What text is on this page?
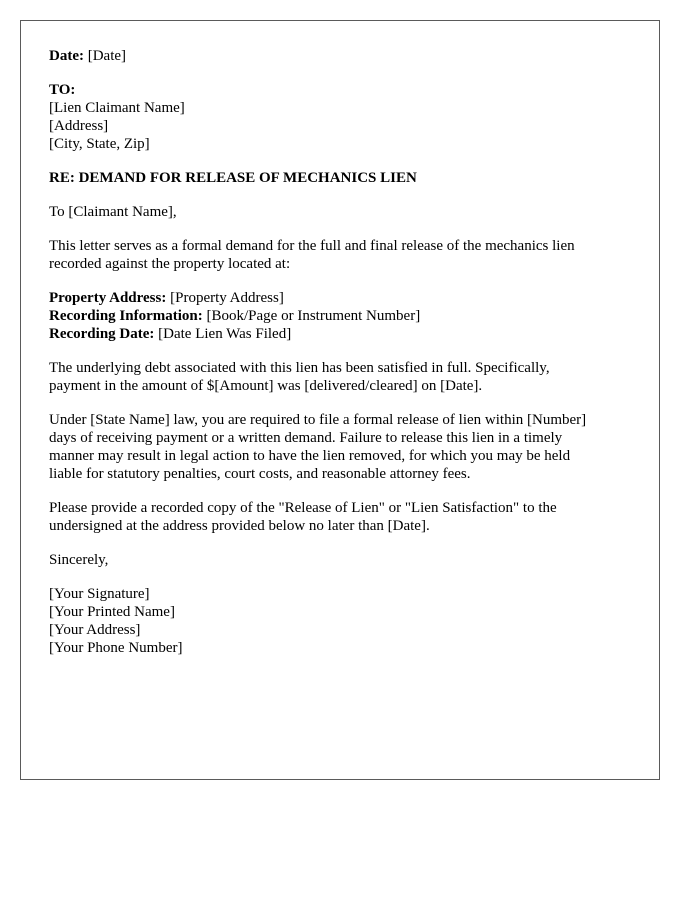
Date: [Date]
TO:
[Lien Claimant Name]
[Address]
[City, State, Zip]
RE: DEMAND FOR RELEASE OF MECHANICS LIEN
To [Claimant Name],
This letter serves as a formal demand for the full and final release of the mechanics lien
recorded against the property located at:
Property Address: [Property Address]
Recording Information: [Book/Page or Instrument Number]
Recording Date: [Date Lien Was Filed]
The underlying debt associated with this lien has been satisfied in full. Specifically,
payment in the amount of $[Amount] was [delivered/cleared] on [Date].
Under [State Name] law, you are required to file a formal release of lien within [Number]
days of receiving payment or a written demand. Failure to release this lien in a timely
manner may result in legal action to have the lien removed, for which you may be held
liable for statutory penalties, court costs, and reasonable attorney fees.
Please provide a recorded copy of the "Release of Lien" or "Lien Satisfaction" to the
undersigned at the address provided below no later than [Date].
Sincerely,
[Your Signature]
[Your Printed Name]
[Your Address]
[Your Phone Number]
